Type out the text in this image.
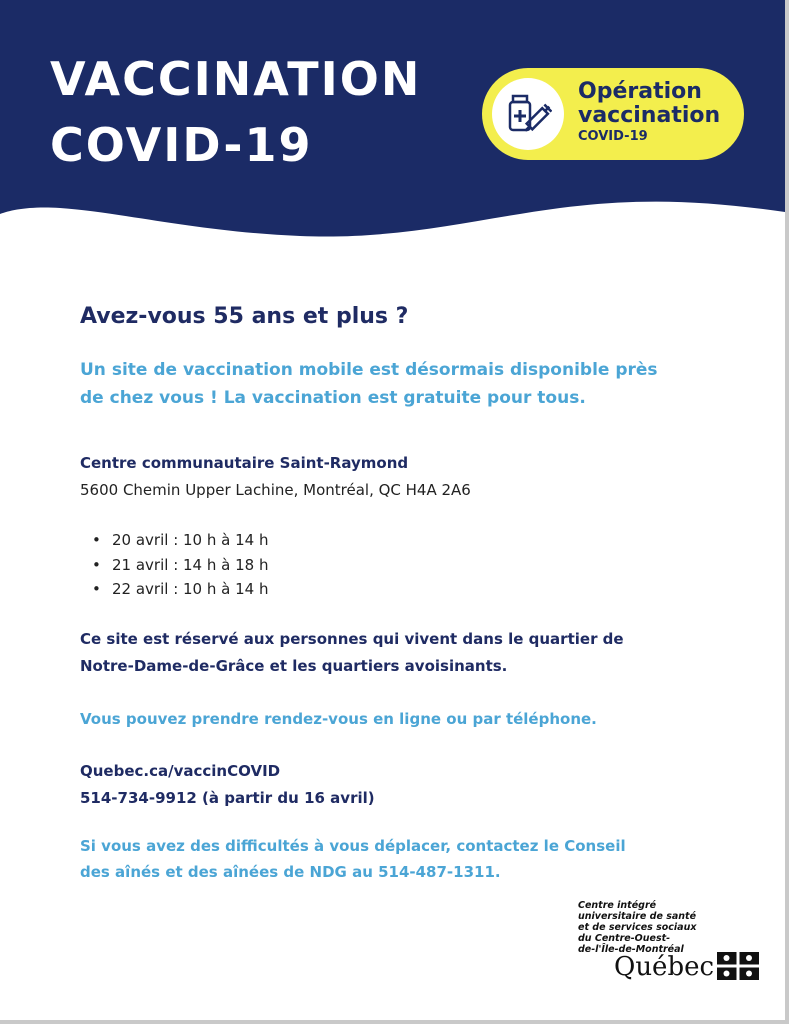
VACCINATION
COVID-19
Opération
vaccination
COVID-19
Avez-vous 55 ans et plus ?
Un site de vaccination mobile est désormais disponible près
de chez vous ! La vaccination est gratuite pour tous.
Centre communautaire Saint-Raymond
5600 Chemin Upper Lachine, Montréal, QC H4A 2A6
• 20 avril : 10 h à 14 h
• 21 avril : 14 h à 18 h
• 22 avril : 10 h à 14 h
Ce site est réservé aux personnes qui vivent dans le quartier de
Notre-Dame-de-Grâce et les quartiers avoisinants.
Vous pouvez prendre rendez-vous en ligne ou par téléphone.
Quebec.ca/vaccinCOVID
514-734-9912 (à partir du 16 avril)
Si vous avez des difficultés à vous déplacer, contactez le Conseil
des aînés et des aînées de NDG au 514-487-1311.
Centre intégré
universitaire de santé
et de services sociaux
du Centre-Ouest-
de-l'Île-de-Montréal
Québec
